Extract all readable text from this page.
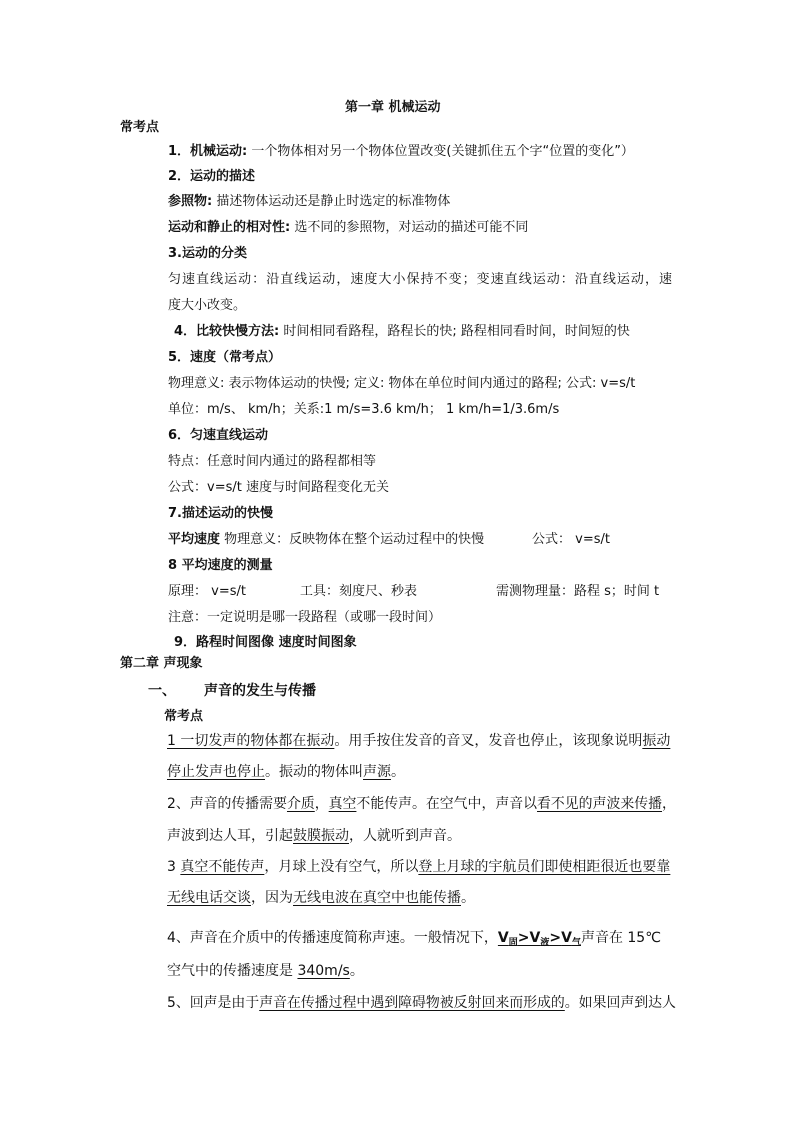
第一章 机械运动
常考点
1．机械运动: 一个物体相对另一个物体位置改变(关键抓住五个字“位置的变化”）
2．运动的描述
参照物: 描述物体运动还是静止时选定的标准物体
运动和静止的相对性: 选不同的参照物，对运动的描述可能不同
3.运动的分类
匀速直线运动：沿直线运动，速度大小保持不变；变速直线运动：沿直线运动，速
度大小改变。
4．比较快慢方法: 时间相同看路程，路程长的快; 路程相同看时间，时间短的快
5．速度（常考点）
物理意义: 表示物体运动的快慢; 定义: 物体在单位时间内通过的路程; 公式: v=s/t
单位：m/s、 km/h；关系:1 m/s=3.6 km/h； 1 km/h=1/3.6m/s
6．匀速直线运动
特点：任意时间内通过的路程都相等
公式：v=s/t 速度与时间路程变化无关
7.描述运动的快慢
平均速度 物理意义：反映物体在整个运动过程中的快慢	公式： v=s/t
8 平均速度的测量
原理： v=s/t	工具：刻度尺、秒表	需测物理量：路程 s；时间 t
注意：一定说明是哪一段路程（或哪一段时间）
9．路程时间图像 速度时间图象
第二章 声现象
一、 声音的发生与传播
常考点
1 一切发声的物体都在振动。用手按住发音的音叉，发音也停止，该现象说明振动
停止发声也停止。振动的物体叫声源。
2、声音的传播需要介质，真空不能传声。在空气中，声音以看不见的声波来传播，
声波到达人耳，引起鼓膜振动，人就听到声音。
3 真空不能传声，月球上没有空气，所以登上月球的宇航员们即使相距很近也要靠
无线电话交谈，因为无线电波在真空中也能传播。
4、声音在介质中的传播速度简称声速。一般情况下，$V_固>V_液>V_气$声音在 15℃
空气中的传播速度是 340m/s。
5、回声是由于声音在传播过程中遇到障碍物被反射回来而形成的。如果回声到达人
